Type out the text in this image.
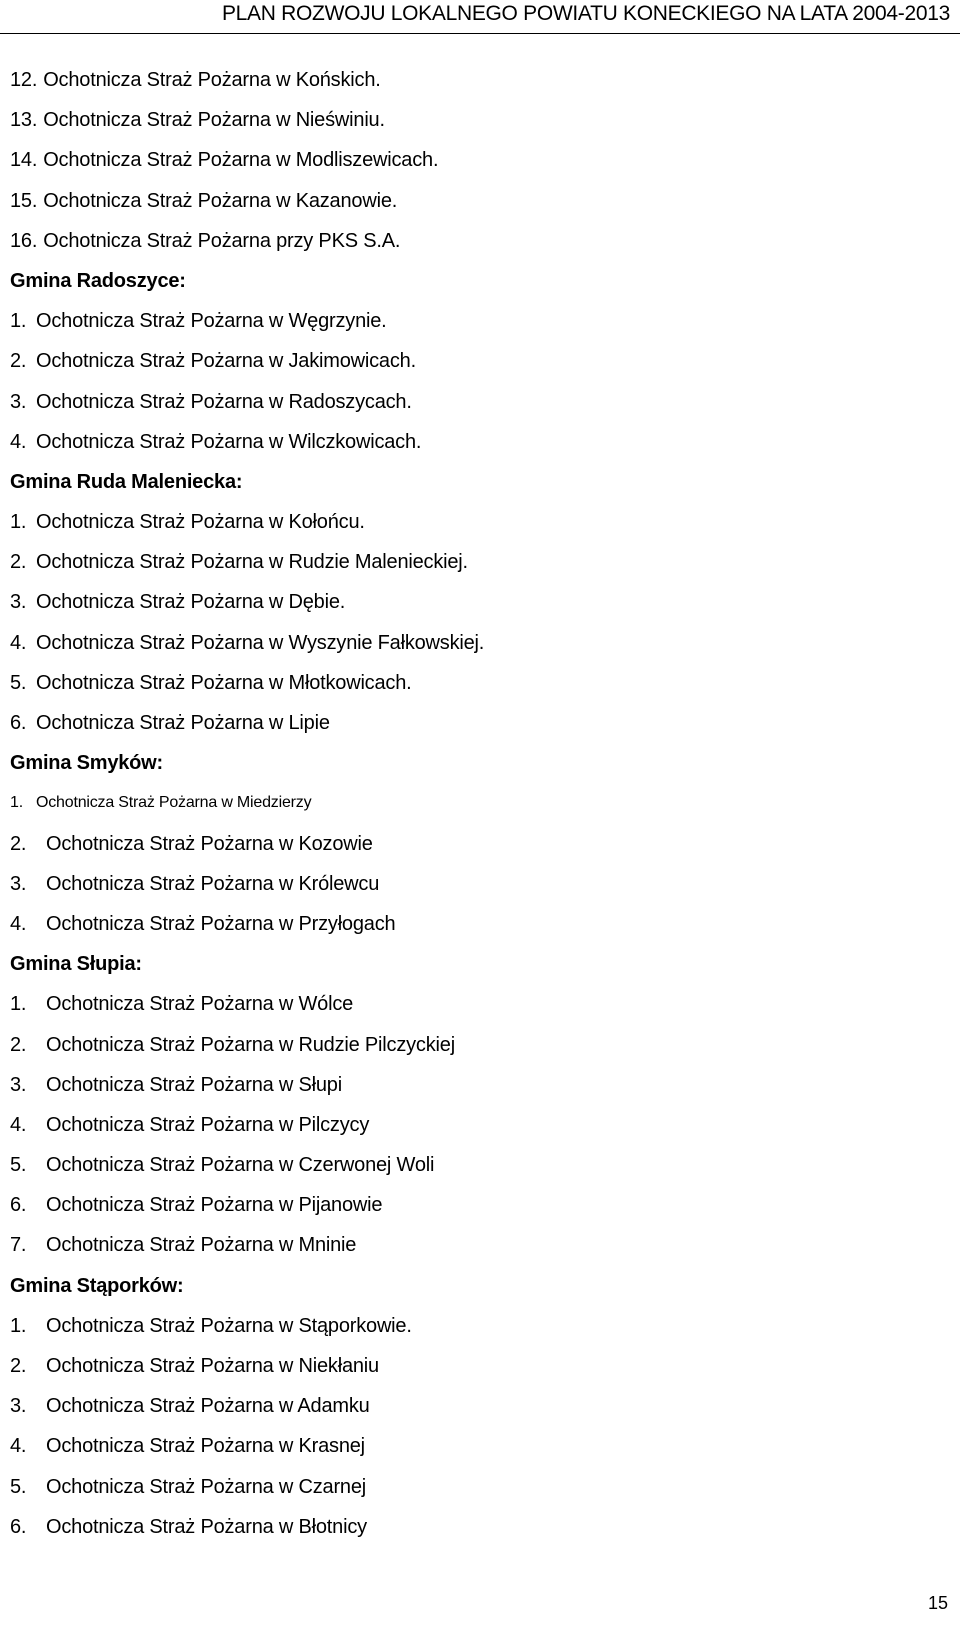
PLAN ROZWOJU LOKALNEGO POWIATU KONECKIEGO NA LATA 2004-2013
12. Ochotnicza Straż Pożarna w Końskich.
13. Ochotnicza Straż Pożarna w Nieświniu.
14. Ochotnicza Straż Pożarna w Modliszewicach.
15. Ochotnicza Straż Pożarna w Kazanowie.
16. Ochotnicza Straż Pożarna przy PKS S.A.
Gmina Radoszyce:
1. Ochotnicza Straż Pożarna w Węgrzynie.
2. Ochotnicza Straż Pożarna w Jakimowicach.
3. Ochotnicza Straż Pożarna w Radoszycach.
4. Ochotnicza Straż Pożarna w Wilczkowicach.
Gmina Ruda Maleniecka:
1. Ochotnicza Straż Pożarna w Kołońcu.
2. Ochotnicza Straż Pożarna w Rudzie Malenieckiej.
3. Ochotnicza Straż Pożarna w Dębie.
4. Ochotnicza Straż Pożarna w Wyszynie Fałkowskiej.
5. Ochotnicza Straż Pożarna w Młotkowicach.
6. Ochotnicza Straż Pożarna w Lipie
Gmina Smyków:
1. Ochotnicza Straż Pożarna w Miedzierzy
2. Ochotnicza Straż Pożarna w Kozowie
3. Ochotnicza Straż Pożarna w Królewcu
4. Ochotnicza Straż Pożarna w Przyłogach
Gmina Słupia:
1. Ochotnicza Straż Pożarna w Wólce
2. Ochotnicza Straż Pożarna w Rudzie Pilczyckiej
3. Ochotnicza Straż Pożarna w Słupi
4. Ochotnicza Straż Pożarna w Pilczycy
5. Ochotnicza Straż Pożarna w Czerwonej Woli
6. Ochotnicza Straż Pożarna w Pijanowie
7. Ochotnicza Straż Pożarna w Mninie
Gmina Stąporków:
1. Ochotnicza Straż Pożarna w Stąporkowie.
2. Ochotnicza Straż Pożarna w Niekłaniu
3. Ochotnicza Straż Pożarna w Adamku
4. Ochotnicza Straż Pożarna w Krasnej
5. Ochotnicza Straż Pożarna w Czarnej
6. Ochotnicza Straż Pożarna w Błotnicy
15
